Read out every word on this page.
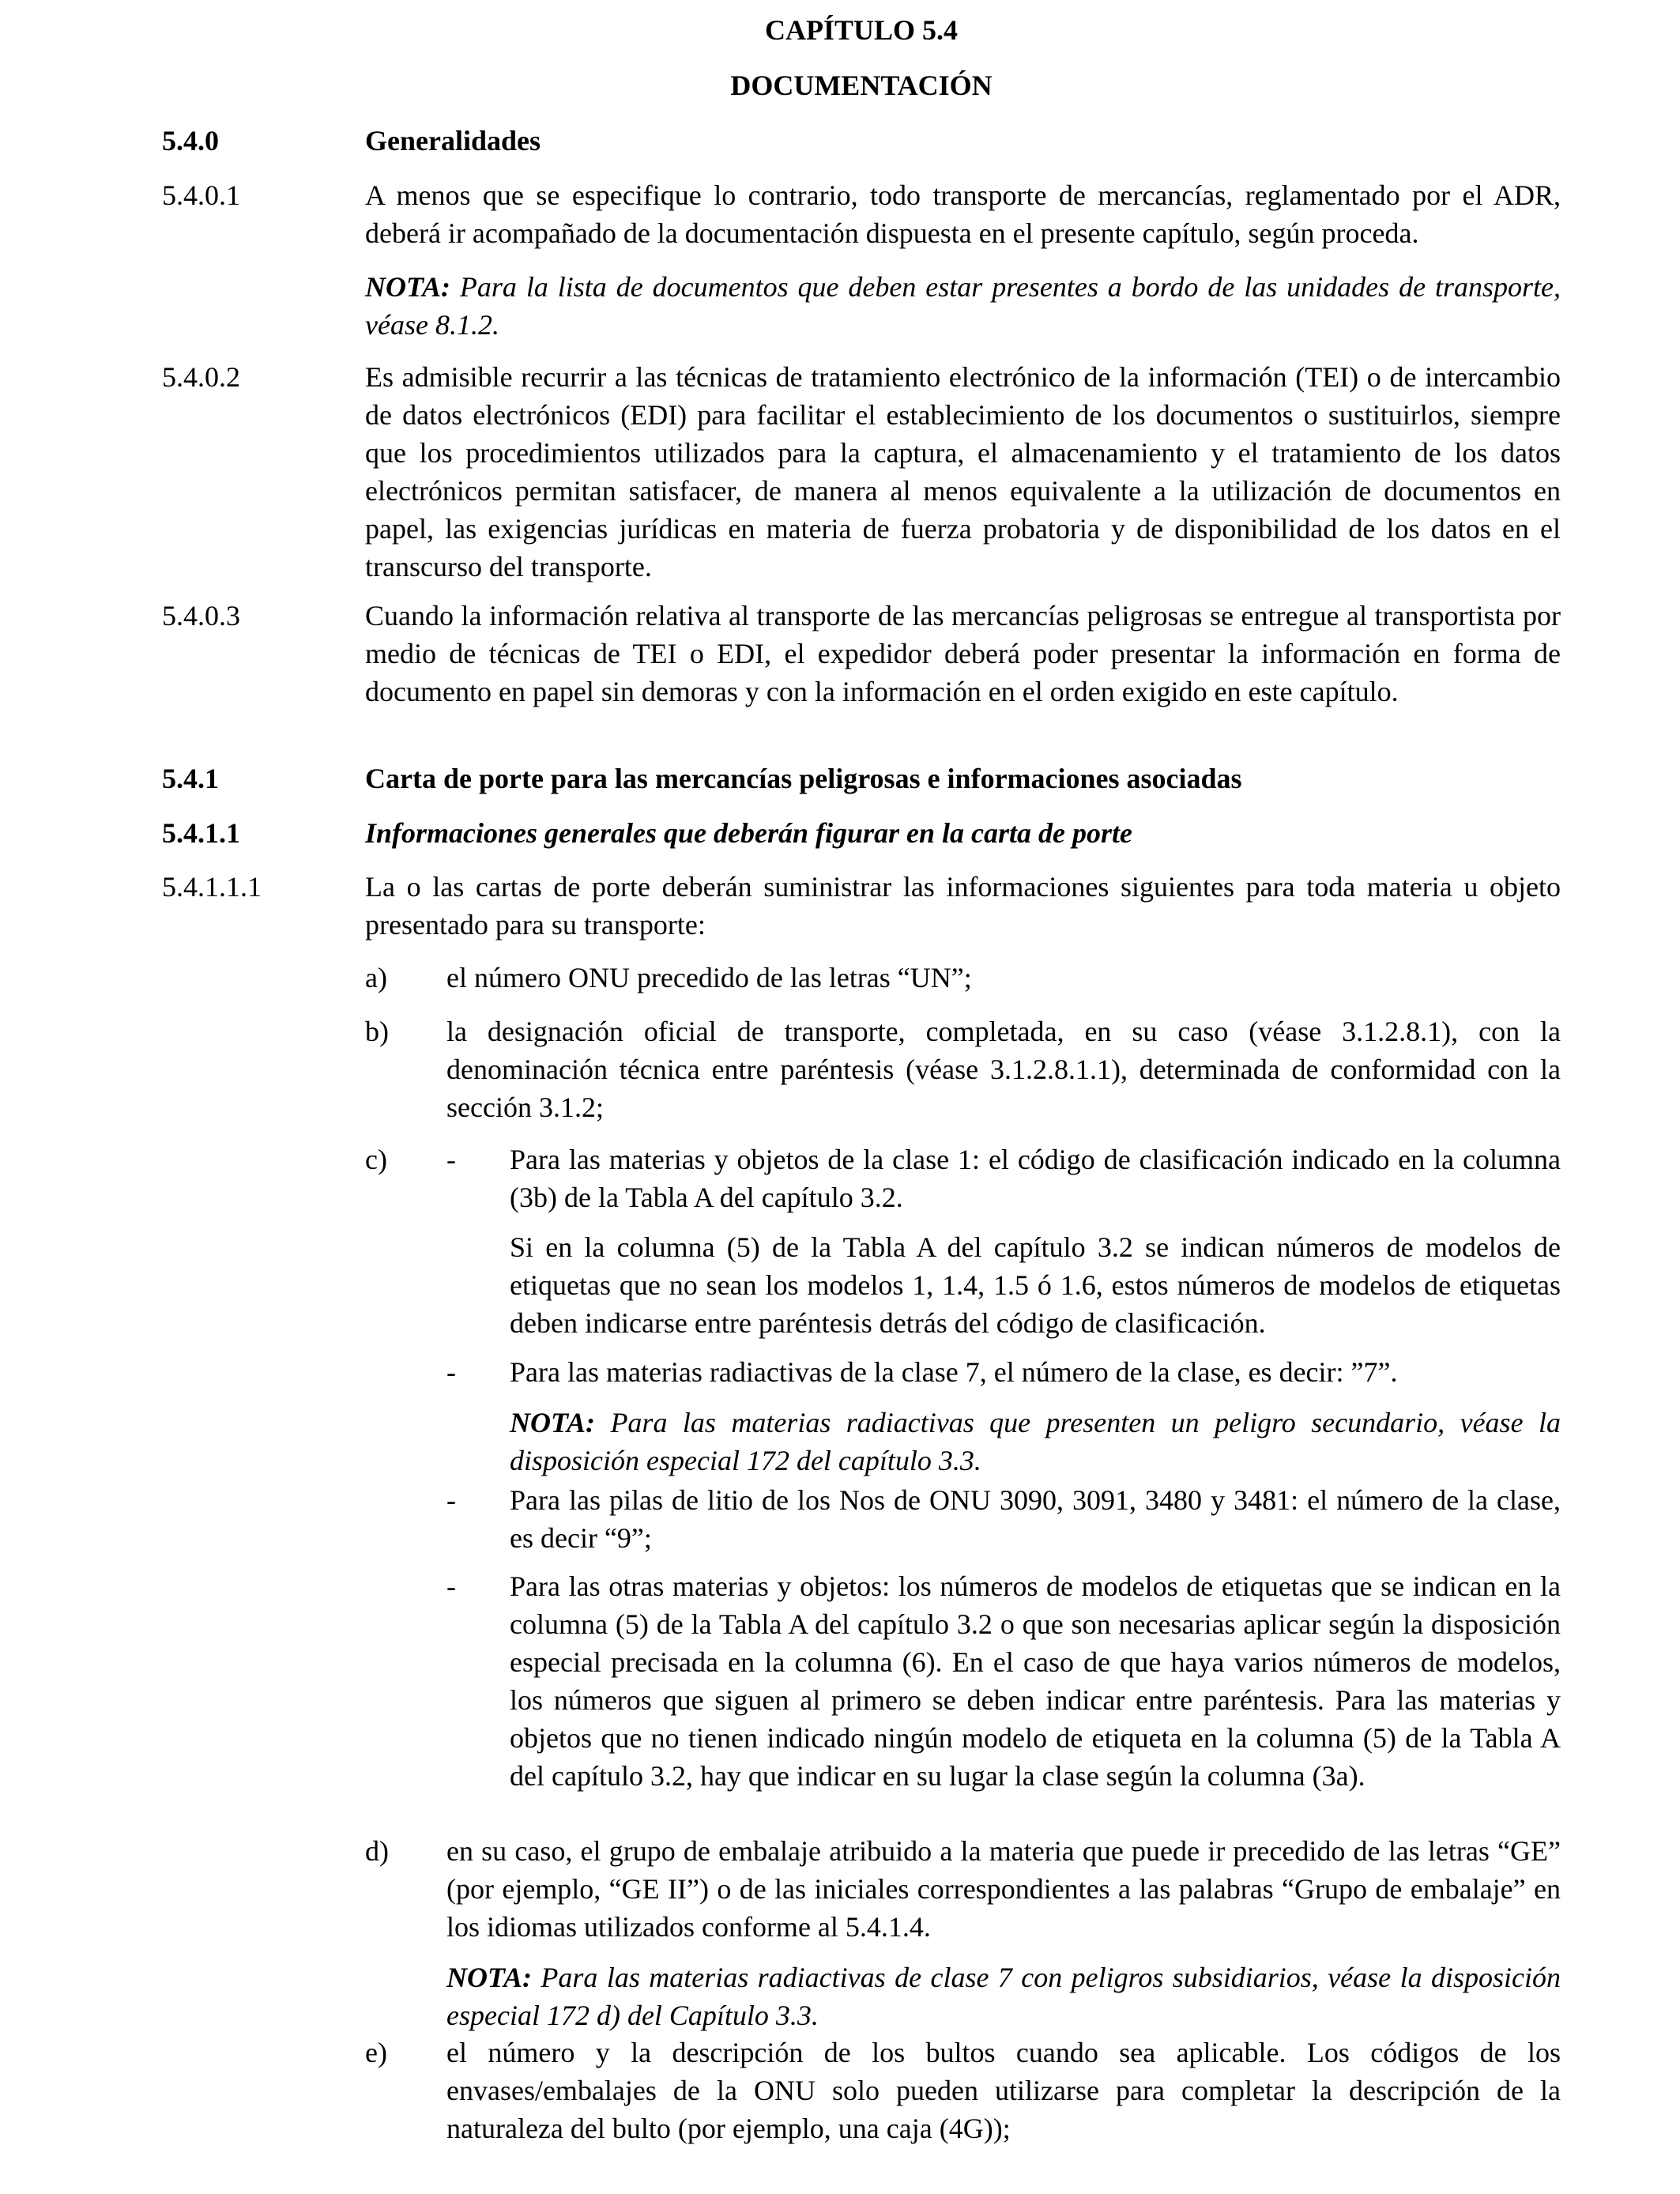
CAPÍTULO 5.4
DOCUMENTACIÓN
5.4.0	Generalidades
5.4.0.1	A menos que se especifique lo contrario, todo transporte de mercancías, reglamentado por el ADR, deberá ir acompañado de la documentación dispuesta en el presente capítulo, según proceda.

NOTA: Para la lista de documentos que deben estar presentes a bordo de las unidades de transporte, véase 8.1.2.

5.4.0.2	Es admisible recurrir a las técnicas de tratamiento electrónico de la información (TEI) o de intercambio de datos electrónicos (EDI) para facilitar el establecimiento de los documentos o sustituirlos, siempre que los procedimientos utilizados para la captura, el almacenamiento y el tratamiento de los datos electrónicos permitan satisfacer, de manera al menos equivalente a la utilización de documentos en papel, las exigencias jurídicas en materia de fuerza probatoria y de disponibilidad de los datos en el transcurso del transporte.

5.4.0.3	Cuando la información relativa al transporte de las mercancías peligrosas se entregue al transportista por medio de técnicas de TEI o EDI, el expedidor deberá poder presentar la información en forma de documento en papel sin demoras y con la información en el orden exigido en este capítulo.

5.4.1	Carta de porte para las mercancías peligrosas e informaciones asociadas
5.4.1.1	Informaciones generales que deberán figurar en la carta de porte
5.4.1.1.1	La o las cartas de porte deberán suministrar las informaciones siguientes para toda materia u objeto presentado para su transporte:

a) el número ONU precedido de las letras “UN”;

b) la designación oficial de transporte, completada, en su caso (véase 3.1.2.8.1), con la denominación técnica entre paréntesis (véase 3.1.2.8.1.1), determinada de conformidad con la sección 3.1.2;

c) - Para las materias y objetos de la clase 1: el código de clasificación indicado en la columna (3b) de la Tabla A del capítulo 3.2.

Si en la columna (5) de la Tabla A del capítulo 3.2 se indican números de modelos de etiquetas que no sean los modelos 1, 1.4, 1.5 ó 1.6, estos números de modelos de etiquetas deben indicarse entre paréntesis detrás del código de clasificación.

- Para las materias radiactivas de la clase 7, el número de la clase, es decir: ”7”.

NOTA: Para las materias radiactivas que presenten un peligro secundario, véase la disposición especial 172 del capítulo 3.3.

- Para las pilas de litio de los Nos de ONU 3090, 3091, 3480 y 3481: el número de la clase, es decir “9”;

- Para las otras materias y objetos: los números de modelos de etiquetas que se indican en la columna (5) de la Tabla A del capítulo 3.2 o que son necesarias aplicar según la disposición especial precisada en la columna (6). En el caso de que haya varios números de modelos, los números que siguen al primero se deben indicar entre paréntesis. Para las materias y objetos que no tienen indicado ningún modelo de etiqueta en la columna (5) de la Tabla A del capítulo 3.2, hay que indicar en su lugar la clase según la columna (3a).

d) en su caso, el grupo de embalaje atribuido a la materia que puede ir precedido de las letras “GE” (por ejemplo, “GE II”) o de las iniciales correspondientes a las palabras “Grupo de embalaje” en los idiomas utilizados conforme al 5.4.1.4.

NOTA: Para las materias radiactivas de clase 7 con peligros subsidiarios, véase la disposición especial 172 d) del Capítulo 3.3.

e) el número y la descripción de los bultos cuando sea aplicable. Los códigos de los envases/embalajes de la ONU solo pueden utilizarse para completar la descripción de la naturaleza del bulto (por ejemplo, una caja (4G));
